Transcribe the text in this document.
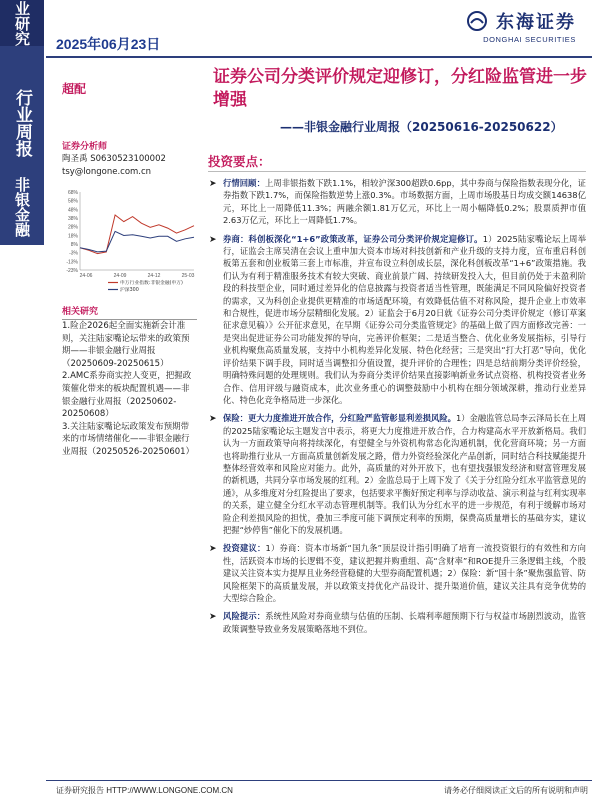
业研究
行业周报
非银金融
2025年06月23日
东海证券
DONGHAI SECURITIES
超配
证券公司分类评价规定迎修订，分红险监管进一步增强
——非银金融行业周报（20250616-20250622）
证券分析师
陶圣禹 S0630523100002
tsy@longone.com.cn
68%
58%
48%
38%
28%
18%
8%
-3%
-13%
-23%
24-06	24-09	24-12	25-03
申万行业指数:非银金融(申万)
沪深300
相关研究

1.险企2026起全面实施新会计准则，关注陆家嘴论坛带来的政策预期——非银金融行业周报（20250609-20250615）

2.AMC系券商实控人变更，把握政策催化带来的板块配置机遇——非银金融行业周报（20250602-20250608）

3.关注陆家嘴论坛政策发布预期带来的市场情绪催化——非银金融行业周报（20250526-20250601）

投资要点：
➤ 行情回顾：上周非银指数下跌1.1%，相较沪深300超跌0.6pp，其中券商与保险指数表现分化，证券指数下跌1.7%，而保险指数逆势上涨0.3%。市场数据方面，上周市场股基日均成交额14638亿元，环比上一周降低11.3%；两融余额1.81万亿元，环比上一周小幅降低0.2%；股票质押市值2.63万亿元，环比上一周降低1.7%。
➤ 券商：科创板深化“1+6”政策改革，证券公司分类评价规定迎修订。1）2025陆家嘴论坛上周举行，证监会主席吴清在会议上重申加大资本市场对科技创新和产业升级的支持力度，宣布重启科创板第五套和创业板第三套上市标准，并宣布设立科创成长层，深化科创板改革“1+6”政策措施。我们认为有利于精准服务技术有较大突破、商业前景广阔、持续研发投入大，但目前仍处于未盈利阶段的科技型企业，同时通过差异化的信息披露与投资者适当性管理，既能满足不同风险偏好投资者的需求，又为科创企业提供更精准的市场适配环境，有效降低估值不对称风险，提升企业上市效率和合规性，促进市场分层精细化发展。2）证监会于6月20日就《证券公司分类评价规定（修订草案征求意见稿）》公开征求意见，在早期《证券公司分类监管规定》的基础上做了四方面修改完善：一是突出促进证券公司功能发挥的导向，完善评价框架；二是适当整合、优化业务发展指标，引导行业机构聚焦高质量发展，支持中小机构差异化发展、特色化经营；三是突出“打大打恶”导向，优化评价结果下调手段，同时适当调整扣分值设置，提升评价的合理性；四是总结前期分类评价经验，明确特殊问题的处理规则。我们认为券商分类评价结果直接影响新业务试点资格、机构投资者业务合作、信用评级与融资成本，此次业务重心的调整鼓励中小机构在细分领域深耕，推动行业差异化、特色化竞争格局进一步深化。
➤ 保险：更大力度推进开放合作，分红险严监管彰显利差损风险。1）金融监管总局李云泽局长在上周的2025陆家嘴论坛主题发言中表示，将更大力度推进开放合作，合力构建高水平开放新格局。我们认为一方面政策导向将持续深化，有望健全与外资机构常态化沟通机制，优化营商环境；另一方面也将助推行业从一方面高质量创新发展之路，借力外资经验深化产品创新，同时结合科技赋能提升整体经营效率和风险应对能力。此外，高质量的对外开放下，也有望找强银发经济和财富管理发展的新机遇，共同分享市场发展的红利。2）金监总局于上周下发了《关于分红险分红水平监管意见的通》，从多维度对分红险提出了要求，包括要求平衡好预定利率与浮动收益、演示利益与红利实现率的关系，建立健全分红水平动态管理机制等。我们认为分红水平的进一步规范，有利于缓解市场对险企利差损风险的担忧，叠加三季度可能下调预定利率的预期，保费高质量增长的基础夯实，建议把握“炒停售”催化下的发展机遇。
➤ 投资建议：1）券商：资本市场新“国九条”顶层设计指引明确了培育一流投资银行的有效性和方向性，活跃资本市场的长逻辑不变，建议把握并购重组、高“含财率”和ROE提升三条逻辑主线，个股建议关注资本实力提厚且业务经营稳健的大型券商配置机遇；2）保险：新“国十条”聚焦强监管、防风险框架下的高质量发展，并以政策支持优化产品设计、提升渠道价值，建议关注具有竞争优势的大型综合险企。
➤ 风险提示：系统性风险对券商业绩与估值的压制、长端利率超预期下行与权益市场剧烈波动，监管政策调整导致业务发展策略落地不到位。
证券研究报告 HTTP://WWW.LONGONE.COM.CN	请务必仔细阅读正文后的所有说明和声明
